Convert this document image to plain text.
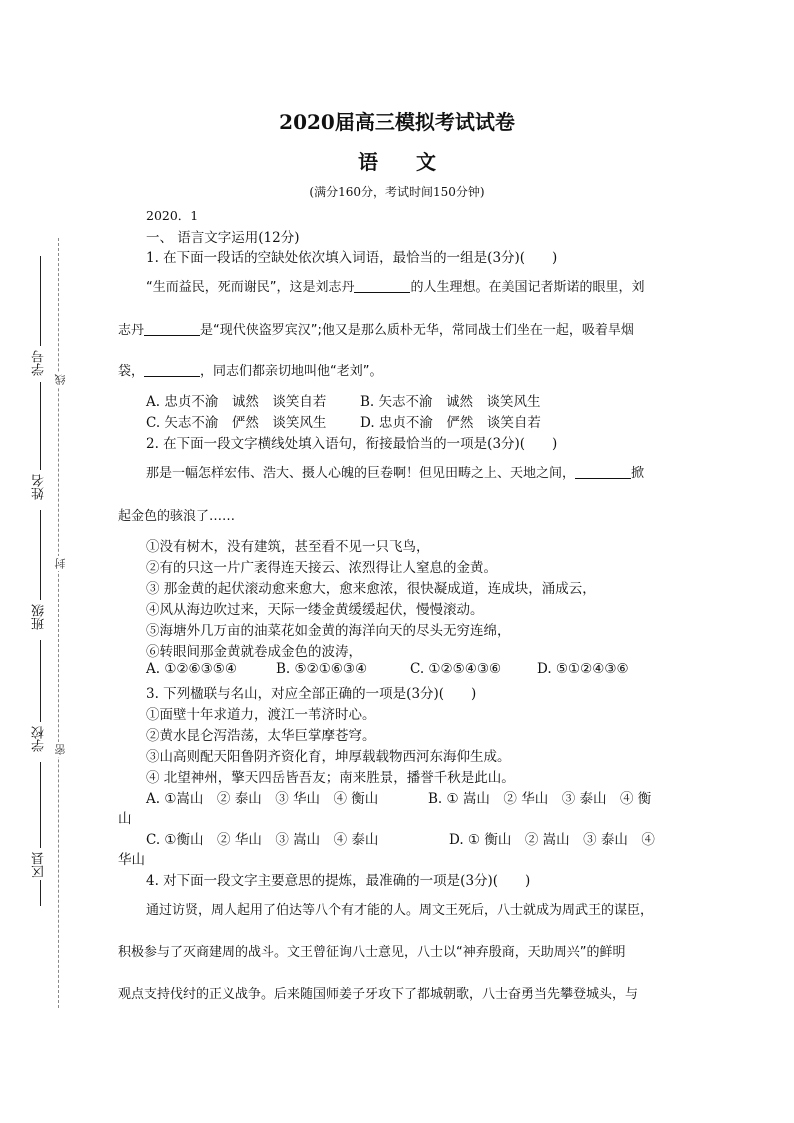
学号
姓名
班级
学校
区县
线
封
密
2020届高三模拟考试试卷
语文
(满分160分，考试时间150分钟)
2020．1
一、 语言文字运用(12分)
1. 在下面一段话的空缺处依次填入词语，最恰当的一组是(3分)(　　)
“生而益民，死而谢民”，这是刘志丹	的人生理想。在美国记者斯诺的眼里，刘
志丹	是“现代侠盗罗宾汉”;他又是那么质朴无华，常同战士们坐在一起，吸着旱烟
袋，	，同志们都亲切地叫他“老刘”。
A. 忠贞不渝　诚然　谈笑自若 B. 矢志不渝　诚然　谈笑风生
C. 矢志不渝　俨然　谈笑风生 D. 忠贞不渝　俨然　谈笑自若
2. 在下面一段文字横线处填入语句，衔接最恰当的一项是(3分)(　　)
那是一幅怎样宏伟、浩大、摄人心魄的巨卷啊！但见田畴之上、天地之间，	掀
起金色的骇浪了……
①没有树木，没有建筑，甚至看不见一只飞鸟，
②有的只这一片广袤得连天接云、浓烈得让人窒息的金黄。
③ 那金黄的起伏滚动愈来愈大，愈来愈浓，很快凝成道，连成块，涌成云，
④风从海边吹过来，天际一缕金黄缓缓起伏，慢慢滚动。
⑤海塘外几万亩的油菜花如金黄的海洋向天的尽头无穷连绵，
⑥转眼间那金黄就卷成金色的波涛，
A. ①②⑥③⑤④	B. ⑤②①⑥③④	C. ①②⑤④③⑥	D. ⑤①②④③⑥
3. 下列楹联与名山，对应全部正确的一项是(3分)(　　)
①面壁十年求道力，渡江一苇济时心。
②黄水昆仑泻浩荡，太华巨掌摩苍穹。
③山高则配天阳鲁阴齐资化育，坤厚载载物西河东海仰生成。
④ 北望神州，擎天四岳皆吾友；南来胜景，播誉千秋是此山。
A. ①嵩山　② 泰山　③ 华山　④ 衡山	B. ① 嵩山　② 华山　③ 泰山　④ 衡
山
C. ①衡山　② 华山　③ 嵩山　④ 泰山	D. ① 衡山　② 嵩山　③ 泰山　④
华山
4. 对下面一段文字主要意思的提炼，最准确的一项是(3分)(　　)
通过访贤，周人起用了伯达等八个有才能的人。周文王死后，八士就成为周武王的谋臣，
积极参与了灭商建周的战斗。文王曾征询八士意见，八士以“神弃殷商，天助周兴”的鲜明
观点支持伐纣的正义战争。后来随国师姜子牙攻下了都城朝歌，八士奋勇当先攀登城头，与
